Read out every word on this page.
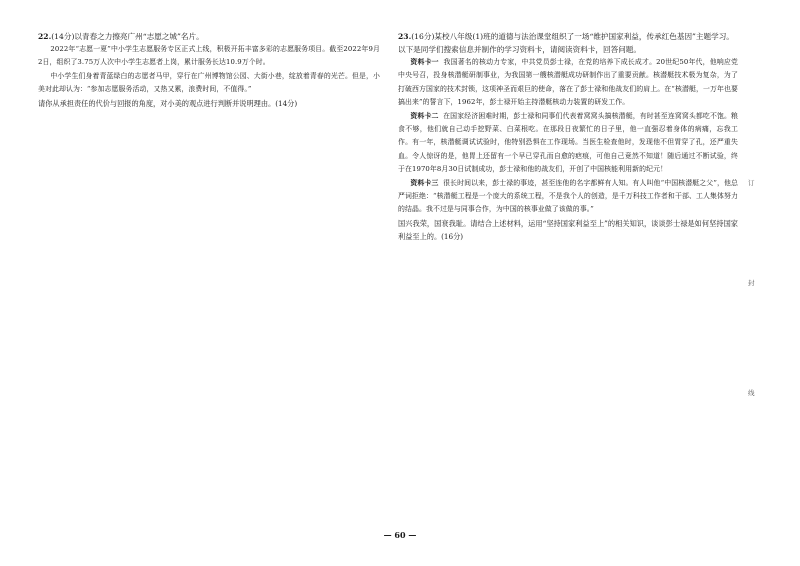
22.(14分)以青春之力擦亮广州“志愿之城”名片。

2022年“志愿一夏”中小学生志愿服务专区正式上线，积极开拓丰富多彩的志愿服务项目。截至2022年9月2日，组织了3.75万人次中小学生志愿者上岗，累计服务长达10.9万个时。

中小学生们身着青蓝绿白的志愿者马甲，穿行在广州博物馆公园、大街小巷，绽放着青春的光芒。但是，小美对此却认为：“参加志愿服务活动，又热又累，浪费时间，不值得。”

请你从承担责任的代价与回报的角度，对小美的观点进行判断并说明理由。(14分)

23.(16分)某校八年级(1)班的道德与法治课堂组织了一场“维护国家利益，传承红色基因”主题学习。以下是同学们搜索信息并制作的学习资料卡，请阅读资料卡，回答问题。

资料卡一 我国著名的核动力专家，中共党员彭士禄，在党的培养下成长成才。20世纪50年代，他响应党中央号召，投身核潜艇研制事业，为我国第一艘核潜艇成功研制作出了重要贡献。核潜艇技术极为复杂，为了打破西方国家的技术封锁，这项神圣而艰巨的使命，落在了彭士禄和他战友们的肩上。在“核潜艇，一万年也要搞出来”的誓言下，1962年，彭士禄开始主持潜艇核动力装置的研发工作。

资料卡二 在国家经济困难时期，彭士禄和同事们代表着窝窝头搞核潜艇，有时甚至连窝窝头都吃不饱。粮食不够，他们就自己动手挖野菜、白菜根吃。在那段日夜繁忙的日子里，他一直强忍着身体的病痛，忘我工作。有一年，核潜艇调试试验时，他特别恐惧在工作现场。当医生检查他时，发现他不但胃穿了孔，还严重失血。令人惊讶的是，他胃上还留有一个早已穿孔而自愈的疤痕，可他自己竟然不知道！随后通过不断试验，终于在1970年8月30日试制成功，彭士禄和他的战友们，开创了中国核能利用新的纪元！

资料卡三 很长时间以来，彭士禄的事迹，甚至连他的名字都鲜有人知。有人叫他“中国核潜艇之父”，他总严词拒绝：“核潜艇工程是一个庞大的系统工程，不是我个人的创造，是千万科技工作者和干部、工人集体努力的结晶。我不过是与同事合作，为中国的核事业做了该做的事。”

国兴我荣，国衰我耻。请结合上述材料，运用“坚持国家利益至上”的相关知识，谈谈彭士禄是如何坚持国家利益至上的。(16分)

订
封
线
— 60 —
